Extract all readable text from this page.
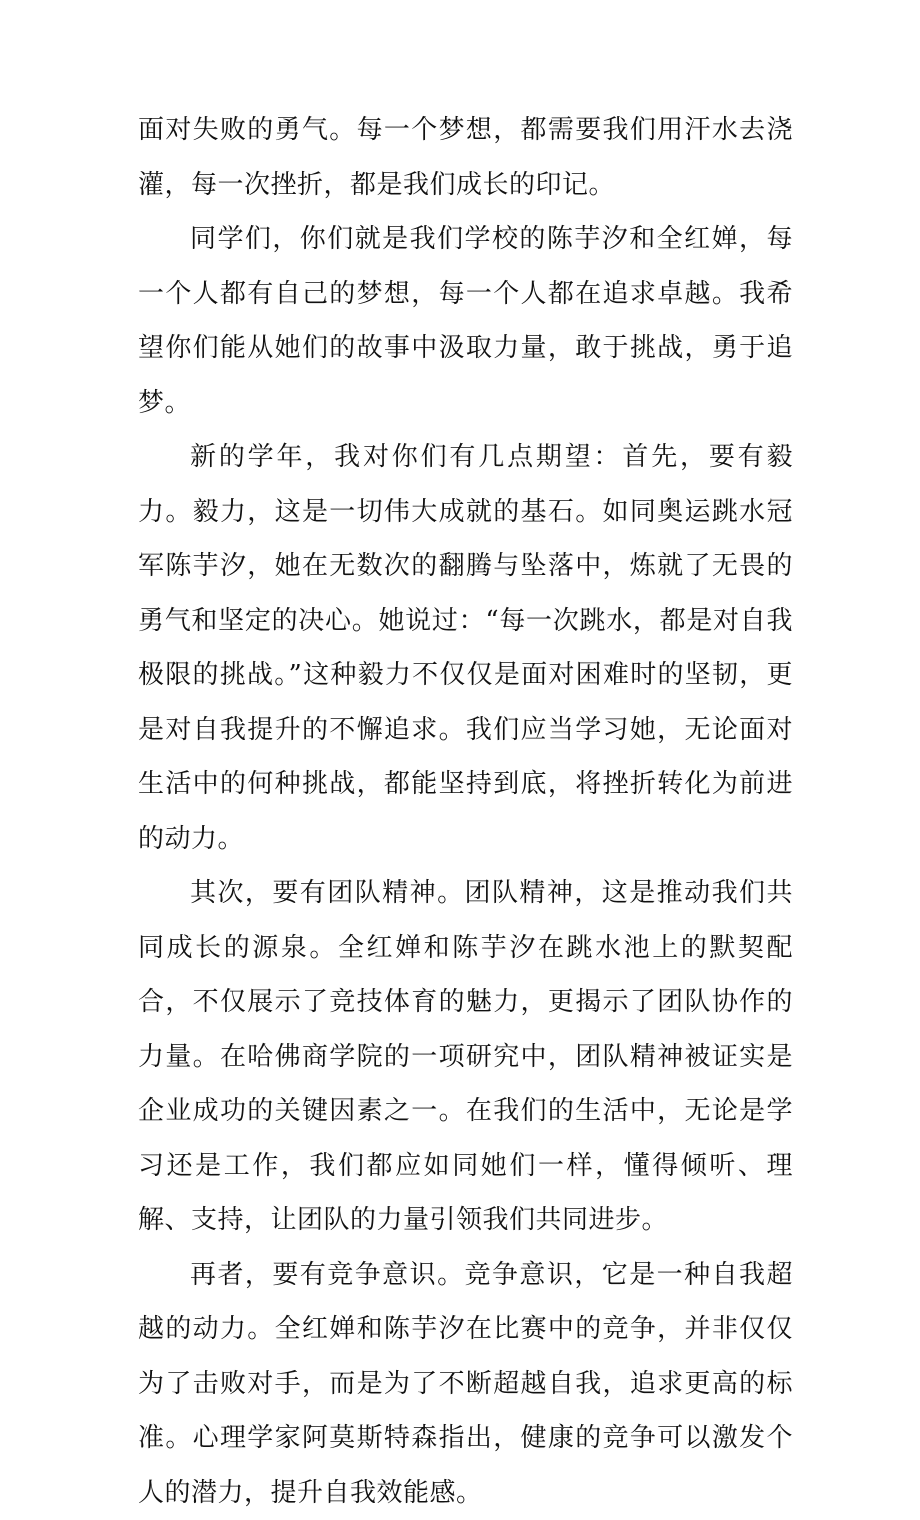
面对失败的勇气。每一个梦想，都需要我们用汗水去浇灌，每一次挫折，都是我们成长的印记。

同学们，你们就是我们学校的陈芋汐和全红婵，每一个人都有自己的梦想，每一个人都在追求卓越。我希望你们能从她们的故事中汲取力量，敢于挑战，勇于追梦。

新的学年，我对你们有几点期望：首先，要有毅力。毅力，这是一切伟大成就的基石。如同奥运跳水冠军陈芋汐，她在无数次的翻腾与坠落中，炼就了无畏的勇气和坚定的决心。她说过：“每一次跳水，都是对自我极限的挑战。”这种毅力不仅仅是面对困难时的坚韧，更是对自我提升的不懈追求。我们应当学习她，无论面对生活中的何种挑战，都能坚持到底，将挫折转化为前进的动力。

其次，要有团队精神。团队精神，这是推动我们共同成长的源泉。全红婵和陈芋汐在跳水池上的默契配合，不仅展示了竞技体育的魅力，更揭示了团队协作的力量。在哈佛商学院的一项研究中，团队精神被证实是企业成功的关键因素之一。在我们的生活中，无论是学习还是工作，我们都应如同她们一样，懂得倾听、理解、支持，让团队的力量引领我们共同进步。

再者，要有竞争意识。竞争意识，它是一种自我超越的动力。全红婵和陈芋汐在比赛中的竞争，并非仅仅为了击败对手，而是为了不断超越自我，追求更高的标准。心理学家阿莫斯特森指出，健康的竞争可以激发个人的潜力，提升自我效能感。
